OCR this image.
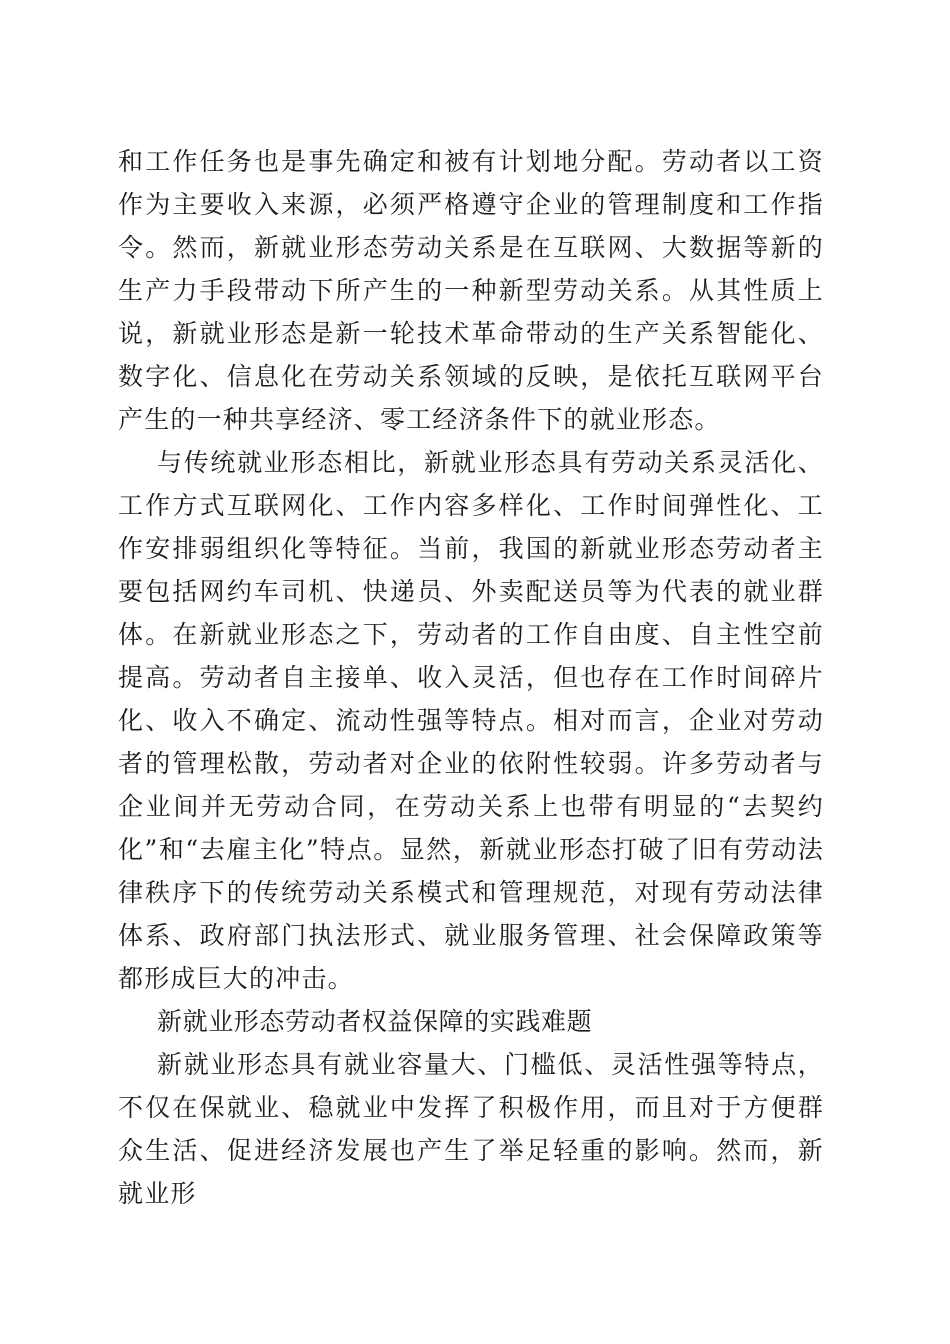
和工作任务也是事先确定和被有计划地分配。劳动者以工资作为主要收入来源，必须严格遵守企业的管理制度和工作指令。然而，新就业形态劳动关系是在互联网、大数据等新的生产力手段带动下所产生的一种新型劳动关系。从其性质上说，新就业形态是新一轮技术革命带动的生产关系智能化、数字化、信息化在劳动关系领域的反映，是依托互联网平台产生的一种共享经济、零工经济条件下的就业形态。

与传统就业形态相比，新就业形态具有劳动关系灵活化、工作方式互联网化、工作内容多样化、工作时间弹性化、工作安排弱组织化等特征。当前，我国的新就业形态劳动者主要包括网约车司机、快递员、外卖配送员等为代表的就业群体。在新就业形态之下，劳动者的工作自由度、自主性空前提高。劳动者自主接单、收入灵活，但也存在工作时间碎片化、收入不确定、流动性强等特点。相对而言，企业对劳动者的管理松散，劳动者对企业的依附性较弱。许多劳动者与企业间并无劳动合同，在劳动关系上也带有明显的“去契约化”和“去雇主化”特点。显然，新就业形态打破了旧有劳动法律秩序下的传统劳动关系模式和管理规范，对现有劳动法律体系、政府部门执法形式、就业服务管理、社会保障政策等都形成巨大的冲击。

新就业形态劳动者权益保障的实践难题

新就业形态具有就业容量大、门槛低、灵活性强等特点，不仅在保就业、稳就业中发挥了积极作用，而且对于方便群众生活、促进经济发展也产生了举足轻重的影响。然而，新就业形
